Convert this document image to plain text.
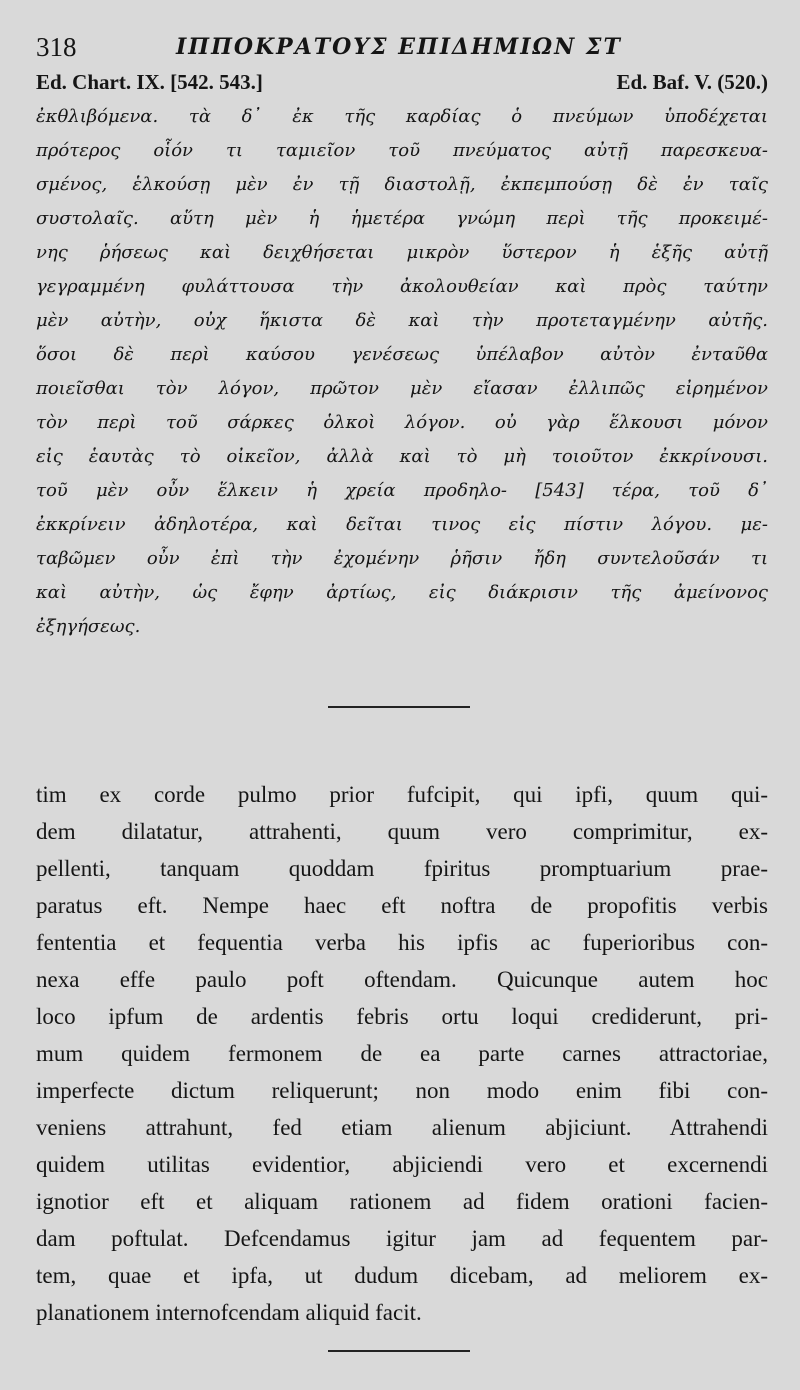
318	ΙΠΠΟΚΡΑΤΟΥΣ ΕΠΙΔΗΜΙΩΝ ΣΤ
Ed. Chart. IX. [542. 543.]	Ed. Baf. V. (520.)
ἐκθλιβόμενα. τὰ δ᾽ ἐκ τῆς καρδίας ὁ πνεύμων ὑποδέχεται
πρότερος οἷόν τι ταμιεῖον τοῦ πνεύματος αὐτῇ παρεσκευα-
σμένος, ἑλκούσῃ μὲν ἐν τῇ διαστολῇ, ἐκπεμπούσῃ δὲ ἐν ταῖς
συστολαῖς. αὕτη μὲν ἡ ἡμετέρα γνώμη περὶ τῆς προκειμέ-
νης ῥήσεως καὶ δειχθήσεται μικρὸν ὕστερον ἡ ἑξῆς αὐτῇ
γεγραμμένη φυλάττουσα τὴν ἀκολουθείαν καὶ πρὸς ταύτην
μὲν αὐτὴν, οὐχ ἥκιστα δὲ καὶ τὴν προτεταγμένην αὐτῆς.
ὅσοι δὲ περὶ καύσου γενέσεως ὑπέλαβον αὐτὸν ἐνταῦθα
ποιεῖσθαι τὸν λόγον, πρῶτον μὲν εἴασαν ἐλλιπῶς εἰρημένον
τὸν περὶ τοῦ σάρκες ὁλκοὶ λόγον. οὐ γὰρ ἕλκουσι μόνον
εἰς ἑαυτὰς τὸ οἰκεῖον, ἀλλὰ καὶ τὸ μὴ τοιοῦτον ἐκκρίνουσι.
τοῦ μὲν οὖν ἕλκειν ἡ χρεία προδηλο- [543] τέρα, τοῦ δ᾽
ἐκκρίνειν ἀδηλοτέρα, καὶ δεῖται τινος εἰς πίστιν λόγου. με-
ταβῶμεν οὖν ἐπὶ τὴν ἐχομένην ῥῆσιν ἤδη συντελοῦσάν τι
καὶ αὐτὴν, ὡς ἔφην ἀρτίως, εἰς διάκρισιν τῆς ἀμείνονος
ἐξηγήσεως.
tim ex corde pulmo prior fufcipit, qui ipfi, quum qui-
dem dilatatur, attrahenti, quum vero comprimitur, ex-
pellenti, tanquam quoddam fpiritus promptuarium prae-
paratus eft. Nempe haec eft noftra de propofitis verbis
fententia et fequentia verba his ipfis ac fuperioribus con-
nexa effe paulo poft oftendam. Quicunque autem hoc
loco ipfum de ardentis febris ortu loqui crediderunt, pri-
mum quidem fermonem de ea parte carnes attractoriae,
imperfecte dictum reliquerunt; non modo enim fibi con-
veniens attrahunt, fed etiam alienum abjiciunt. Attrahendi
quidem utilitas evidentior, abjiciendi vero et excernendi
ignotior eft et aliquam rationem ad fidem orationi facien-
dam poftulat. Defcendamus igitur jam ad fequentem par-
tem, quae et ipfa, ut dudum dicebam, ad meliorem ex-
planationem internofcendam aliquid facit.
